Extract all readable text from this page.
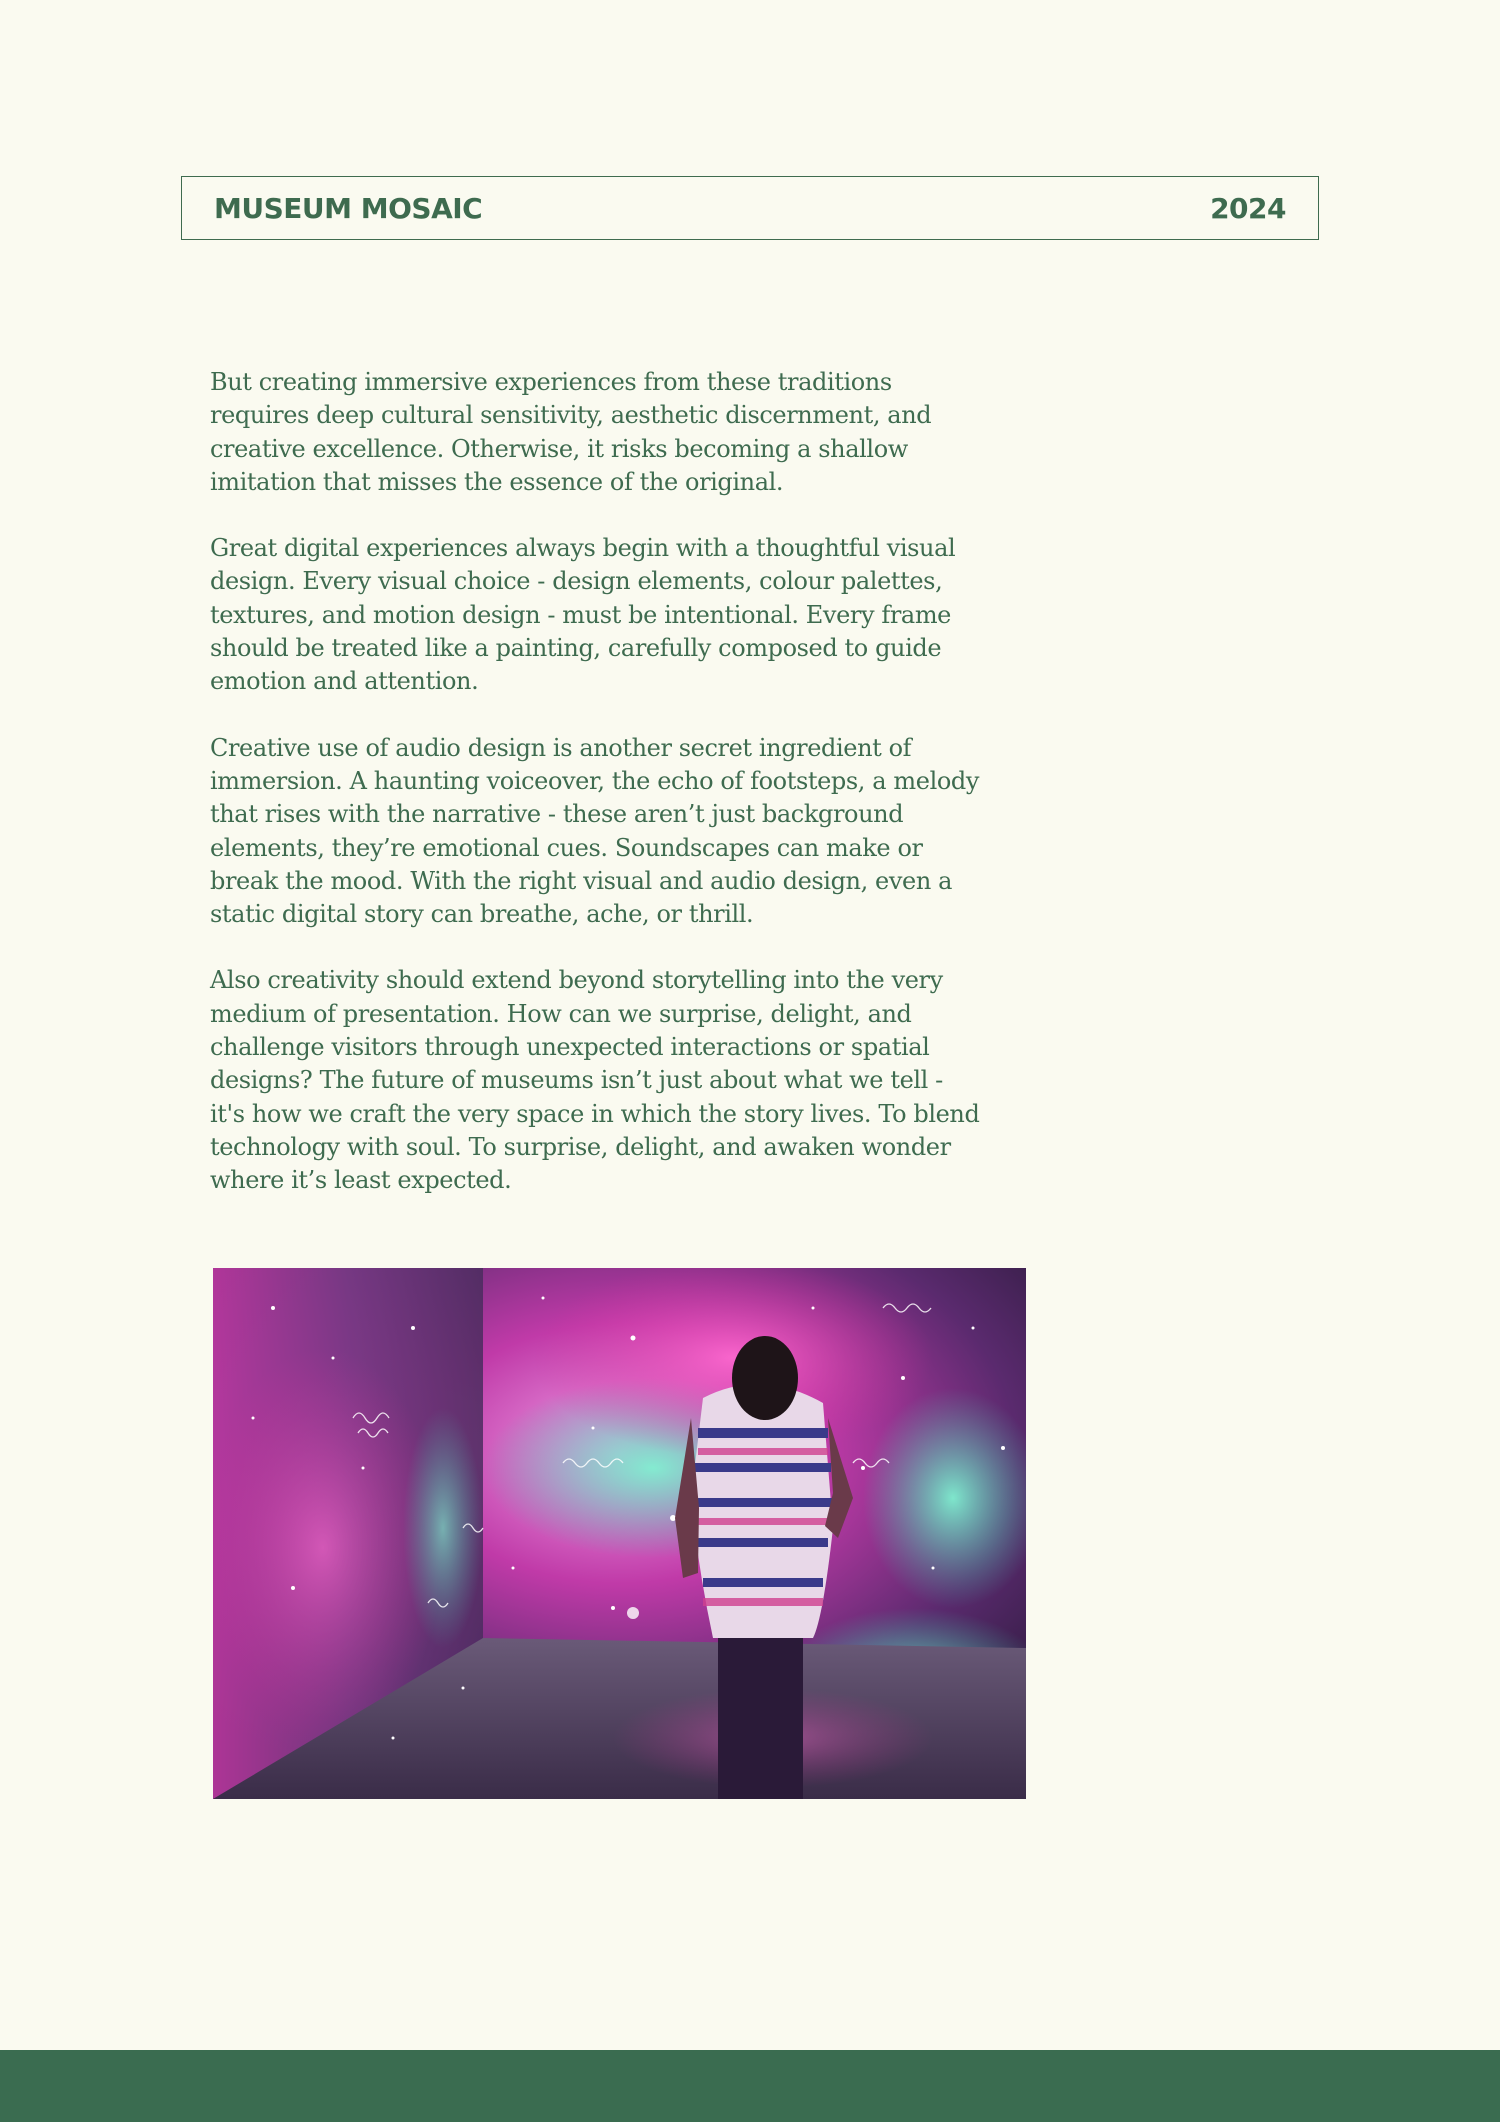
MUSEUM MOSAIC	2024

But creating immersive experiences from these traditions
requires deep cultural sensitivity, aesthetic discernment, and
creative excellence. Otherwise, it risks becoming a shallow
imitation that misses the essence of the original.

Great digital experiences always begin with a thoughtful visual
design. Every visual choice - design elements, colour palettes,
textures, and motion design - must be intentional. Every frame
should be treated like a painting, carefully composed to guide
emotion and attention.

Creative use of audio design is another secret ingredient of
immersion. A haunting voiceover, the echo of footsteps, a melody
that rises with the narrative - these aren’t just background
elements, they’re emotional cues. Soundscapes can make or
break the mood. With the right visual and audio design, even a
static digital story can breathe, ache, or thrill.

Also creativity should extend beyond storytelling into the very
medium of presentation. How can we surprise, delight, and
challenge visitors through unexpected interactions or spatial
designs? The future of museums isn’t just about what we tell -
it's how we craft the very space in which the story lives. To blend
technology with soul. To surprise, delight, and awaken wonder
where it’s least expected.
